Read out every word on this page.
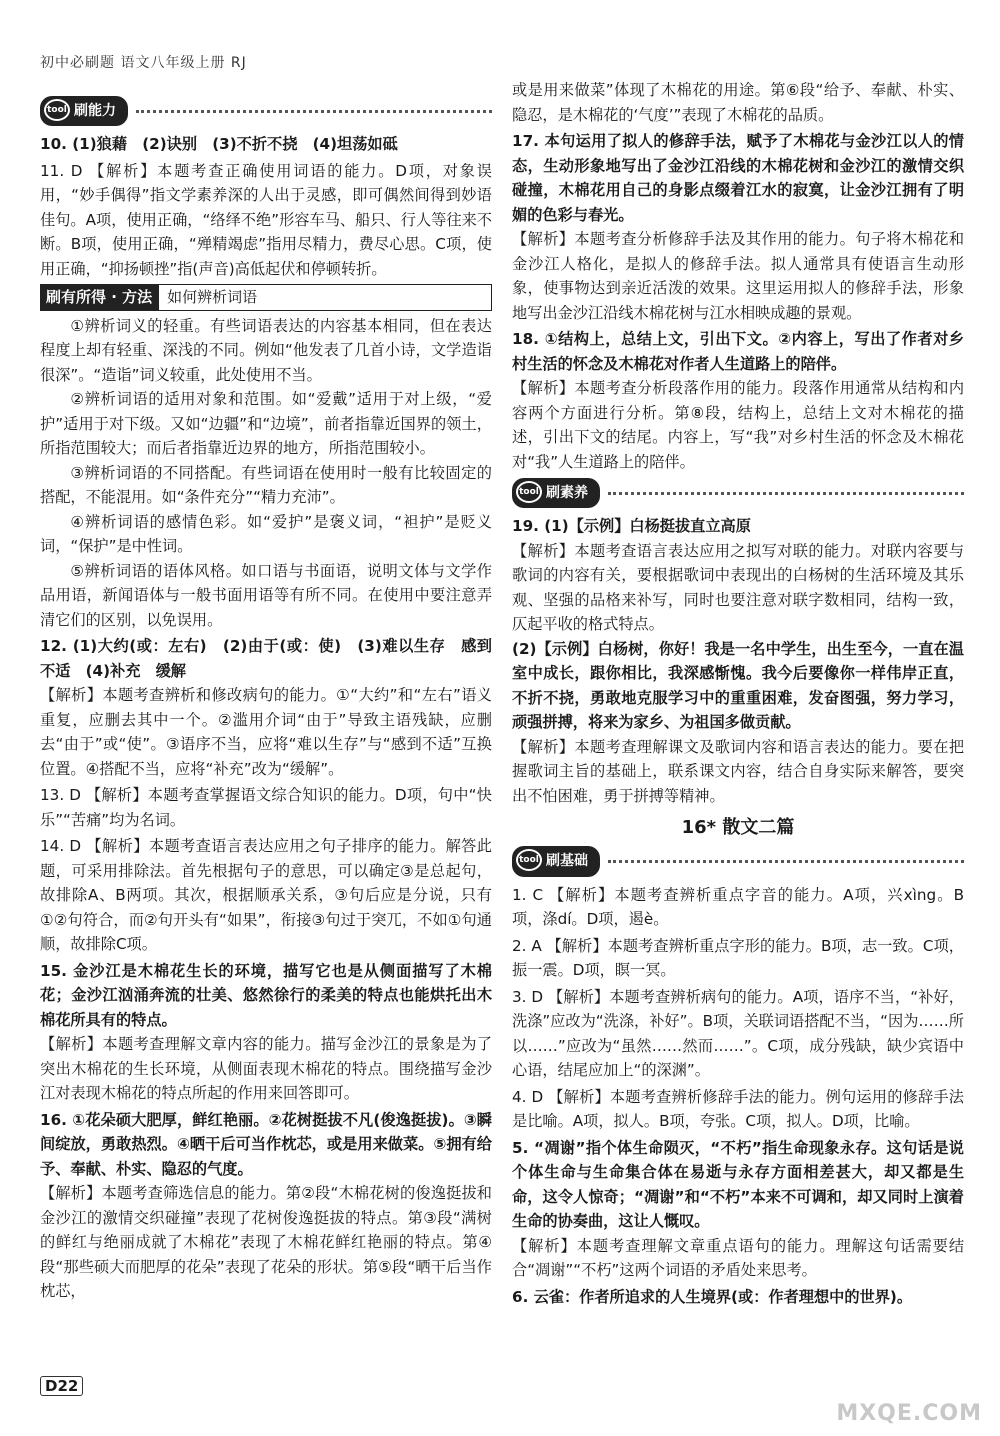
初中必刷题 语文八年级上册 RJ
tool 刷能力

10. (1)狼藉　(2)诀别　(3)不折不挠　(4)坦荡如砥

11. D 【解析】本题考查正确使用词语的能力。D项，对象误用，“妙手偶得”指文学素养深的人出于灵感，即可偶然间得到妙语佳句。A项，使用正确，“络绎不绝”形容车马、船只、行人等往来不断。B项，使用正确，“殚精竭虑”指用尽精力，费尽心思。C项，使用正确，“抑扬顿挫”指(声音)高低起伏和停顿转折。

刷有所得 · 方法	如何辨析词语

①辨析词义的轻重。有些词语表达的内容基本相同，但在表达程度上却有轻重、深浅的不同。例如“他发表了几首小诗，文学造诣很深”。“造诣”词义较重，此处使用不当。

②辨析词语的适用对象和范围。如“爱戴”适用于对上级，“爱护”适用于对下级。又如“边疆”和“边境”，前者指靠近国界的领土，所指范围较大；而后者指靠近边界的地方，所指范围较小。

③辨析词语的不同搭配。有些词语在使用时一般有比较固定的搭配，不能混用。如“条件充分”“精力充沛”。

④辨析词语的感情色彩。如“爱护”是褒义词，“袒护”是贬义词，“保护”是中性词。

⑤辨析词语的语体风格。如口语与书面语，说明文体与文学作品用语，新闻语体与一般书面用语等有所不同。在使用中要注意弄清它们的区别，以免误用。

12. (1)大约(或：左右)　(2)由于(或：使)　(3)难以生存　感到不适　(4)补充　缓解

【解析】本题考查辨析和修改病句的能力。①“大约”和“左右”语义重复，应删去其中一个。②滥用介词“由于”导致主语残缺，应删去“由于”或“使”。③语序不当，应将“难以生存”与“感到不适”互换位置。④搭配不当，应将“补充”改为“缓解”。

13. D 【解析】本题考查掌握语文综合知识的能力。D项，句中“快乐”“苦痛”均为名词。

14. D 【解析】本题考查语言表达应用之句子排序的能力。解答此题，可采用排除法。首先根据句子的意思，可以确定③是总起句，故排除A、B两项。其次，根据顺承关系，③句后应是分说，只有①②句符合，而②句开头有“如果”，衔接③句过于突兀，不如①句通顺，故排除C项。

15. 金沙江是木棉花生长的环境，描写它也是从侧面描写了木棉花；金沙江汹涌奔流的壮美、悠然徐行的柔美的特点也能烘托出木棉花所具有的特点。

【解析】本题考查理解文章内容的能力。描写金沙江的景象是为了突出木棉花的生长环境，从侧面表现木棉花的特点。围绕描写金沙江对表现木棉花的特点所起的作用来回答即可。

16. ①花朵硕大肥厚，鲜红艳丽。②花树挺拔不凡(俊逸挺拔)。③瞬间绽放，勇敢热烈。④晒干后可当作枕芯，或是用来做菜。⑤拥有给予、奉献、朴实、隐忍的气度。

【解析】本题考查筛选信息的能力。第②段“木棉花树的俊逸挺拔和金沙江的激情交织碰撞”表现了花树俊逸挺拔的特点。第③段“满树的鲜红与绝丽成就了木棉花”表现了木棉花鲜红艳丽的特点。第④段“那些硕大而肥厚的花朵”表现了花朵的形状。第⑤段“晒干后当作枕芯，

或是用来做菜”体现了木棉花的用途。第⑥段“给予、奉献、朴实、隐忍，是木棉花的‘气度’”表现了木棉花的品质。

17. 本句运用了拟人的修辞手法，赋予了木棉花与金沙江以人的情态，生动形象地写出了金沙江沿线的木棉花树和金沙江的激情交织碰撞，木棉花用自己的身影点缀着江水的寂寞，让金沙江拥有了明媚的色彩与春光。

【解析】本题考查分析修辞手法及其作用的能力。句子将木棉花和金沙江人格化，是拟人的修辞手法。拟人通常具有使语言生动形象，使事物达到亲近活泼的效果。这里运用拟人的修辞手法，形象地写出金沙江沿线木棉花树与江水相映成趣的景观。

18. ①结构上，总结上文，引出下文。②内容上，写出了作者对乡村生活的怀念及木棉花对作者人生道路上的陪伴。

【解析】本题考查分析段落作用的能力。段落作用通常从结构和内容两个方面进行分析。第⑧段，结构上，总结上文对木棉花的描述，引出下文的结尾。内容上，写“我”对乡村生活的怀念及木棉花对“我”人生道路上的陪伴。

tool 刷素养

19. (1)【示例】白杨挺拔直立高原

【解析】本题考查语言表达应用之拟写对联的能力。对联内容要与歌词的内容有关，要根据歌词中表现出的白杨树的生活环境及其乐观、坚强的品格来补写，同时也要注意对联字数相同，结构一致，仄起平收的格式特点。

(2)【示例】白杨树，你好！我是一名中学生，出生至今，一直在温室中成长，跟你相比，我深感惭愧。我今后要像你一样伟岸正直，不折不挠，勇敢地克服学习中的重重困难，发奋图强，努力学习，顽强拼搏，将来为家乡、为祖国多做贡献。

【解析】本题考查理解课文及歌词内容和语言表达的能力。要在把握歌词主旨的基础上，联系课文内容，结合自身实际来解答，要突出不怕困难，勇于拼搏等精神。

16* 散文二篇
tool 刷基础

1. C 【解析】本题考查辨析重点字音的能力。A项，兴xìng。B项，涤dí。D项，遏è。

2. A 【解析】本题考查辨析重点字形的能力。B项，志一致。C项，振一震。D项，瞑一冥。

3. D 【解析】本题考查辨析病句的能力。A项，语序不当，“补好，洗涤”应改为“洗涤，补好”。B项，关联词语搭配不当，“因为……所以……”应改为“虽然……然而……”。C项，成分残缺，缺少宾语中心语，结尾应加上“的深渊”。

4. D 【解析】本题考查辨析修辞手法的能力。例句运用的修辞手法是比喻。A项，拟人。B项，夸张。C项，拟人。D项，比喻。

5. “凋谢”指个体生命陨灭，“不朽”指生命现象永存。这句话是说个体生命与生命集合体在易逝与永存方面相差甚大，却又都是生命，这令人惊奇；“凋谢”和“不朽”本来不可调和，却又同时上演着生命的协奏曲，这让人慨叹。

【解析】本题考查理解文章重点语句的能力。理解这句话需要结合“凋谢”“不朽”这两个词语的矛盾处来思考。

6. 云雀：作者所追求的人生境界(或：作者理想中的世界)。

D22
MXQE.COM
